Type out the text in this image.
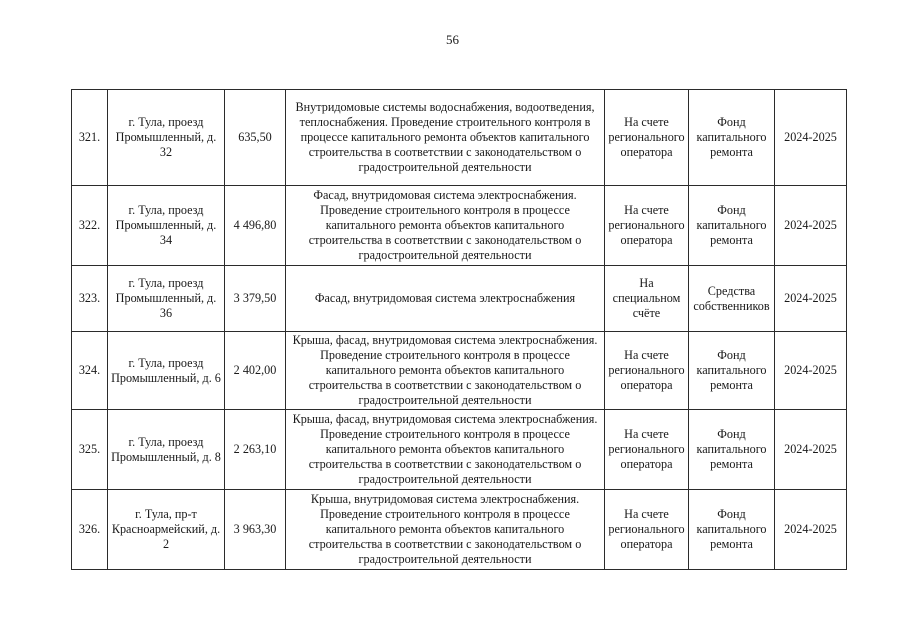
56
321.	г. Тула, проезд Промышленный, д. 32	635,50	Внутридомовые системы водоснабжения, водоотведения, теплоснабжения. Проведение строительного контроля в процессе капитального ремонта объектов капитального строительства в соответствии с законодательством о градостроительной деятельности	На счете регионального оператора	Фонд капитального ремонта	2024-2025
322.	г. Тула, проезд Промышленный, д. 34	4 496,80	Фасад, внутридомовая система электроснабжения. Проведение строительного контроля в процессе капитального ремонта объектов капитального строительства в соответствии с законодательством о градостроительной деятельности	На счете регионального оператора	Фонд капитального ремонта	2024-2025
323.	г. Тула, проезд Промышленный, д. 36	3 379,50	Фасад, внутридомовая система электроснабжения	На специальном счёте	Средства собственников	2024-2025
324.	г. Тула, проезд Промышленный, д. 6	2 402,00	Крыша, фасад, внутридомовая система электроснабжения. Проведение строительного контроля в процессе капитального ремонта объектов капитального строительства в соответствии с законодательством о градостроительной деятельности	На счете регионального оператора	Фонд капитального ремонта	2024-2025
325.	г. Тула, проезд Промышленный, д. 8	2 263,10	Крыша, фасад, внутридомовая система электроснабжения. Проведение строительного контроля в процессе капитального ремонта объектов капитального строительства в соответствии с законодательством о градостроительной деятельности	На счете регионального оператора	Фонд капитального ремонта	2024-2025
326.	г. Тула, пр-т Красноармейский, д. 2	3 963,30	Крыша, внутридомовая система электроснабжения. Проведение строительного контроля в процессе капитального ремонта объектов капитального строительства в соответствии с законодательством о градостроительной деятельности	На счете регионального оператора	Фонд капитального ремонта	2024-2025
